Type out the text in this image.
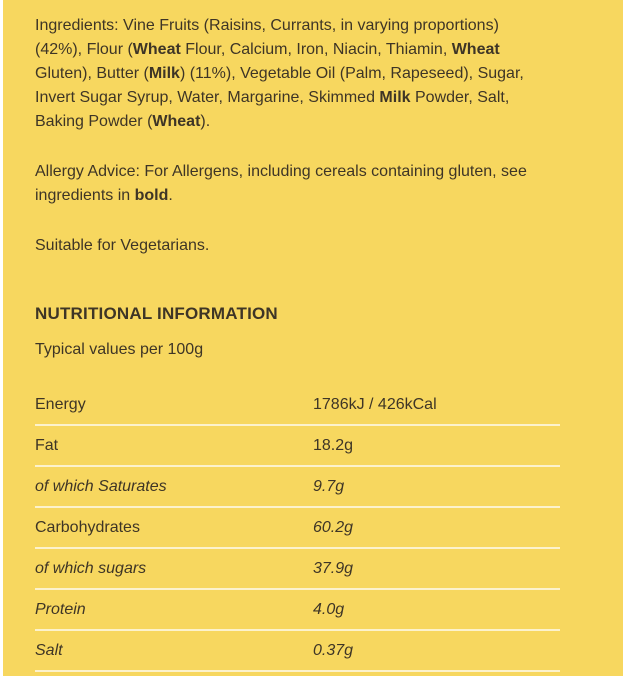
Ingredients: Vine Fruits (Raisins, Currants, in varying proportions)
(42%), Flour (Wheat Flour, Calcium, Iron, Niacin, Thiamin, Wheat
Gluten), Butter (Milk) (11%), Vegetable Oil (Palm, Rapeseed), Sugar,
Invert Sugar Syrup, Water, Margarine, Skimmed Milk Powder, Salt,
Baking Powder (Wheat).
Allergy Advice: For Allergens, including cereals containing gluten, see
ingredients in bold.
Suitable for Vegetarians.
NUTRITIONAL INFORMATION
Typical values per 100g
Energy	1786kJ / 426kCal
Fat	18.2g
of which Saturates	9.7g
Carbohydrates	60.2g
of which sugars	37.9g
Protein	4.0g
Salt	0.37g
